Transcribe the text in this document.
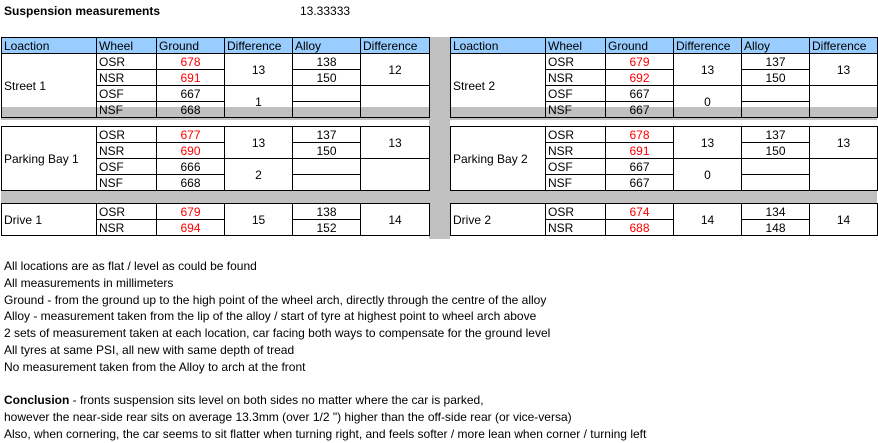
Suspension measurements	13.33333
Loaction	Wheel	Ground	Difference	Alloy	Difference
Street 1	OSR	678	13	138	12
	NSR	691		150	
	OSF	667	1		
	NSF	668			
Loaction	Wheel	Ground	Difference	Alloy	Difference
Street 2	OSR	679	13	137	13
	NSR	692		150	
	OSF	667	0		
	NSF	667			
Parking Bay 1	OSR	677	13	137	13
	NSR	690		150	
	OSF	666	2		
	NSF	668			
Parking Bay 2	OSR	678	13	137	13
	NSR	691		150	
	OSF	667	0		
	NSF	667			
Drive 1	OSR	679	15	138	14
	NSR	694		152	
Drive 2	OSR	674	14	134	14
	NSR	688		148	

All locations are as flat / level as could be found

All measurements in millimeters

Ground - from the ground up to the high point of the wheel arch, directly through the centre of the alloy

Alloy - measurement taken from the lip of the alloy / start of tyre at highest point to wheel arch above

2 sets of measurement taken at each location, car facing both ways to compensate for the ground level

All tyres at same PSI, all new with same depth of tread

No measurement taken from the Alloy to arch at the front

Conclusion - fronts suspension sits level on both sides no matter where the car is parked,

however the near-side rear sits on average 13.3mm (over 1/2 ") higher than the off-side rear (or vice-versa)

Also, when cornering, the car seems to sit flatter when turning right, and feels softer / more lean when corner / turning left
